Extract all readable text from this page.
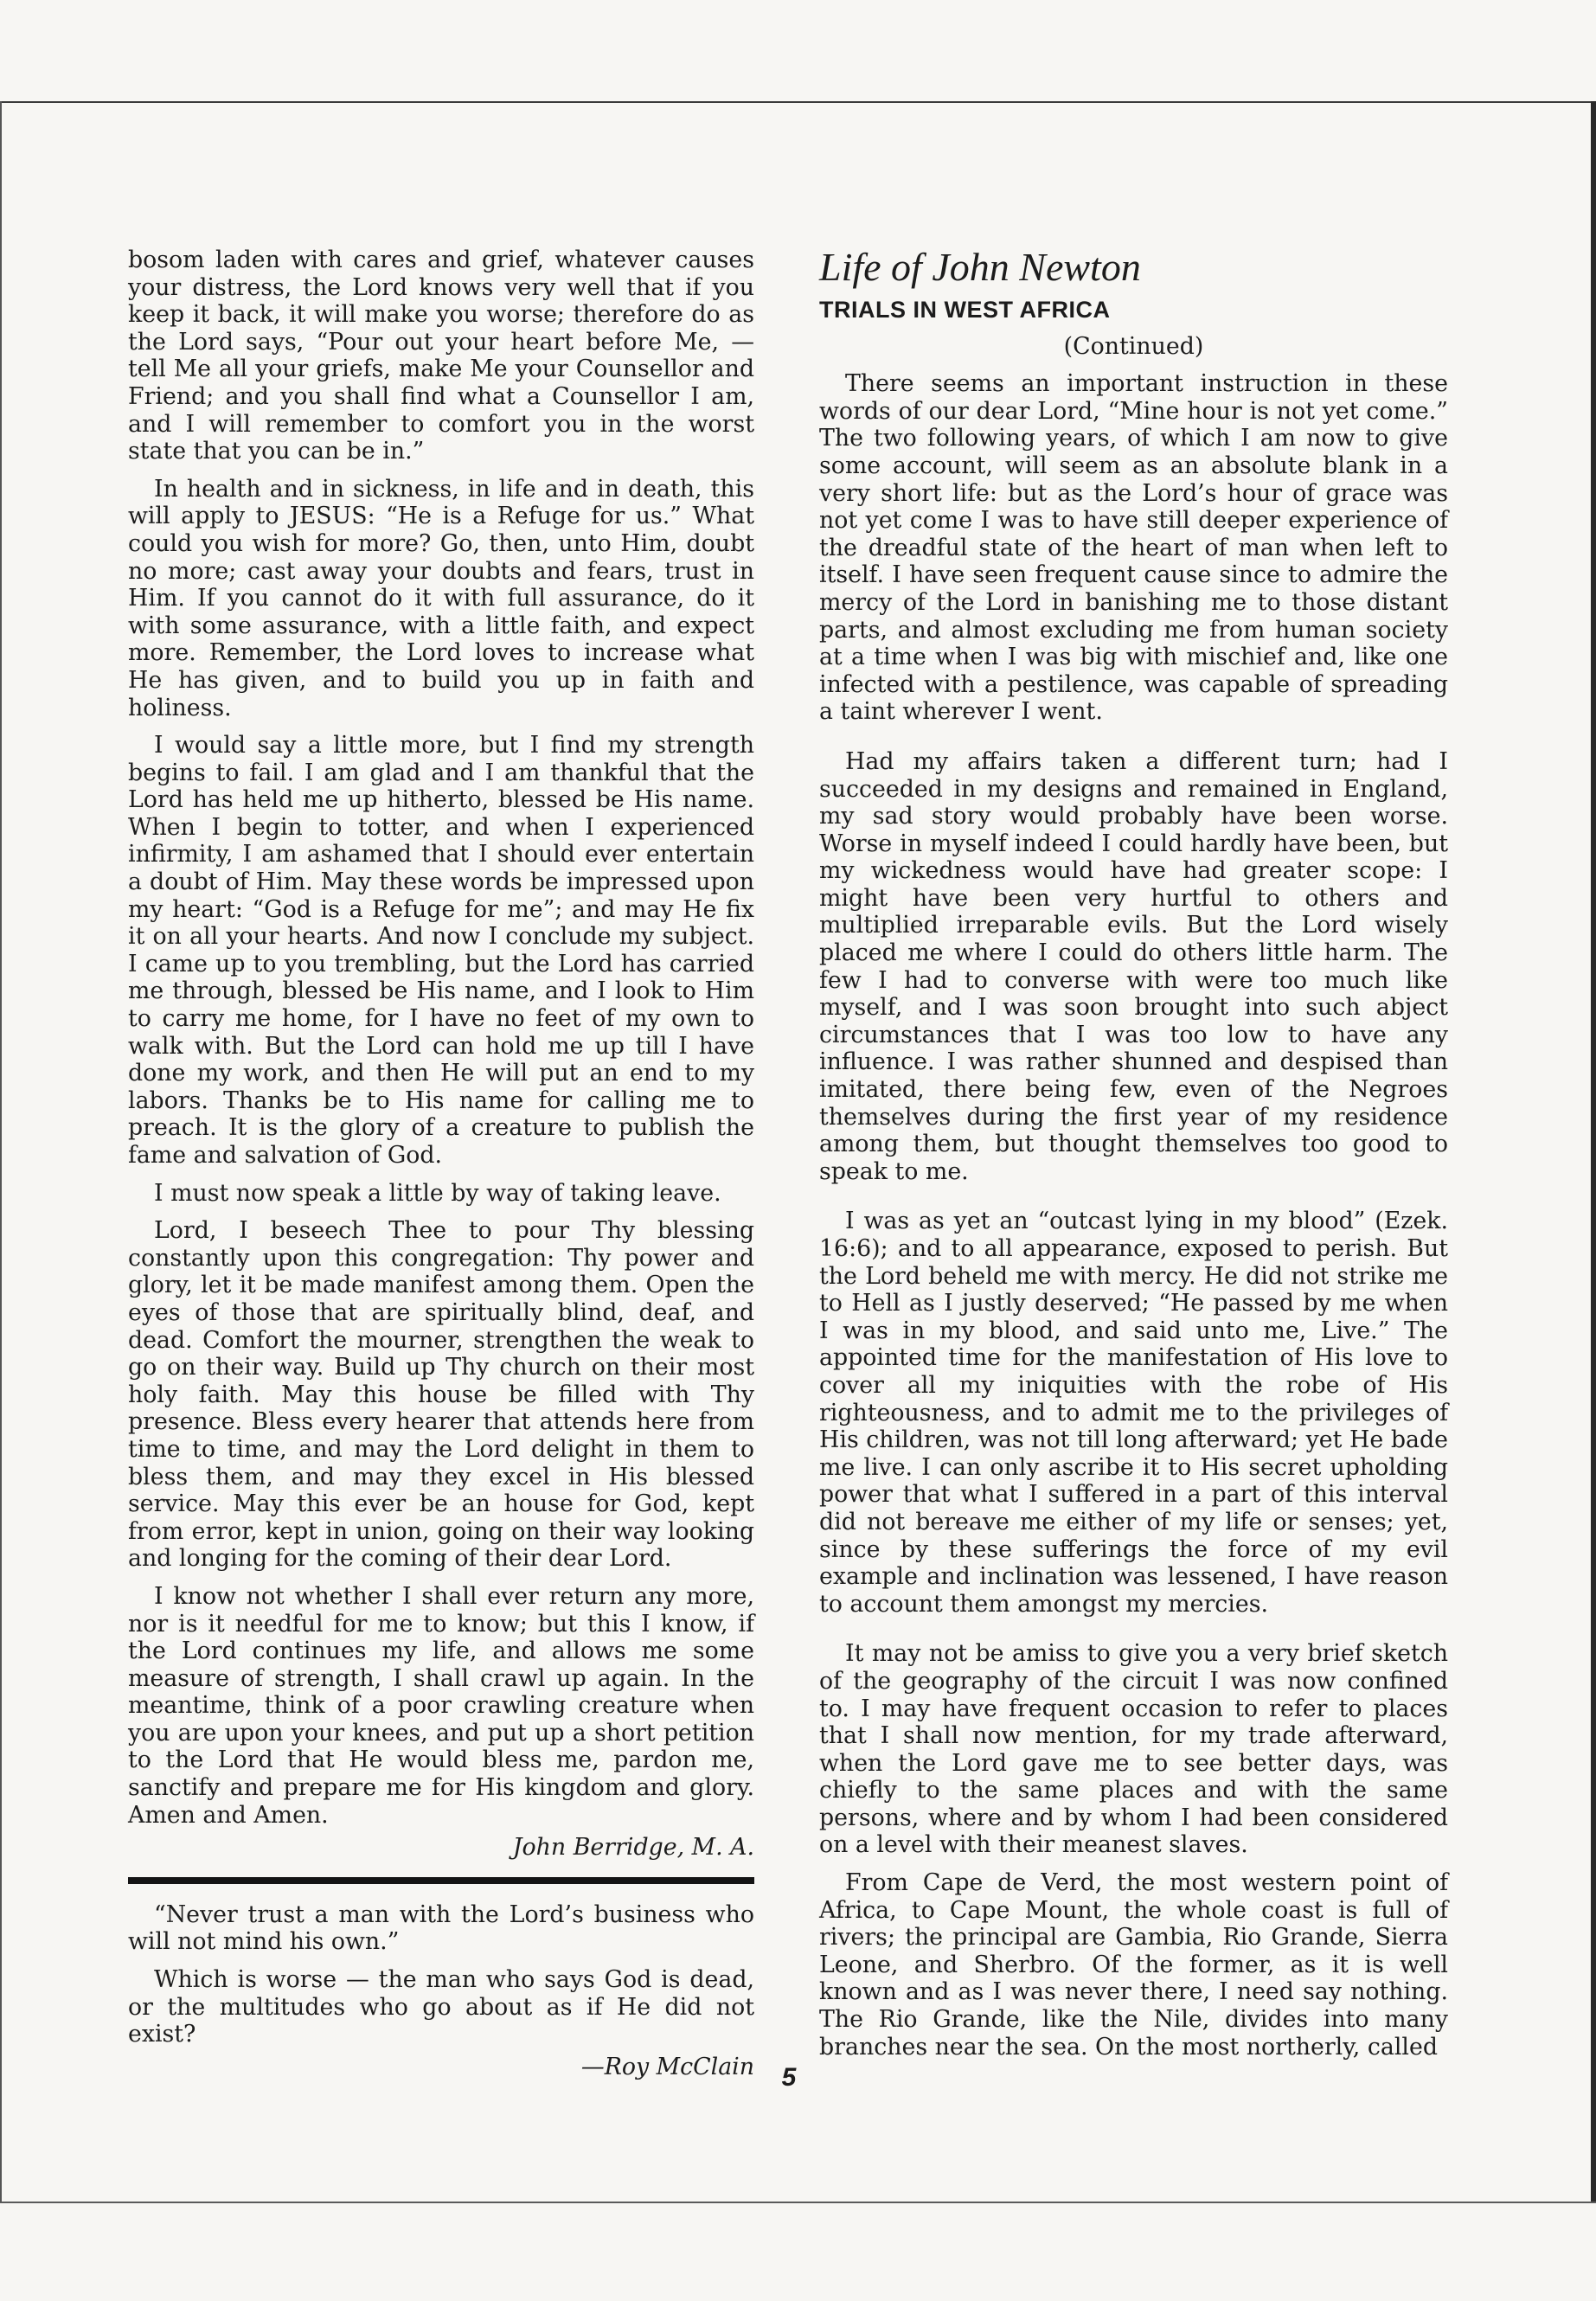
bosom laden with cares and grief, whatever causes your distress, the Lord knows very well that if you keep it back, it will make you worse; therefore do as the Lord says, “Pour out your heart before Me, — tell Me all your griefs, make Me your Counsellor and Friend; and you shall find what a Counsellor I am, and I will remember to comfort you in the worst state that you can be in.”

In health and in sickness, in life and in death, this will apply to JESUS: “He is a Refuge for us.” What could you wish for more? Go, then, unto Him, doubt no more; cast away your doubts and fears, trust in Him. If you cannot do it with full assurance, do it with some assurance, with a little faith, and expect more. Remember, the Lord loves to increase what He has given, and to build you up in faith and holiness.

I would say a little more, but I find my strength begins to fail. I am glad and I am thankful that the Lord has held me up hitherto, blessed be His name. When I begin to totter, and when I experienced infirmity, I am ashamed that I should ever entertain a doubt of Him. May these words be impressed upon my heart: “God is a Refuge for me”; and may He fix it on all your hearts. And now I conclude my subject. I came up to you trembling, but the Lord has carried me through, blessed be His name, and I look to Him to carry me home, for I have no feet of my own to walk with. But the Lord can hold me up till I have done my work, and then He will put an end to my labors. Thanks be to His name for calling me to preach. It is the glory of a creature to publish the fame and salvation of God.

I must now speak a little by way of taking leave.

Lord, I beseech Thee to pour Thy blessing constantly upon this congregation: Thy power and glory, let it be made manifest among them. Open the eyes of those that are spiritually blind, deaf, and dead. Comfort the mourner, strengthen the weak to go on their way. Build up Thy church on their most holy faith. May this house be filled with Thy presence. Bless every hearer that attends here from time to time, and may the Lord delight in them to bless them, and may they excel in His blessed service. May this ever be an house for God, kept from error, kept in union, going on their way looking and longing for the coming of their dear Lord.

I know not whether I shall ever return any more, nor is it needful for me to know; but this I know, if the Lord continues my life, and allows me some measure of strength, I shall crawl up again. In the meantime, think of a poor crawling creature when you are upon your knees, and put up a short petition to the Lord that He would bless me, pardon me, sanctify and prepare me for His kingdom and glory. Amen and Amen.

John Berridge, M. A.

“Never trust a man with the Lord’s business who will not mind his own.”

Which is worse — the man who says God is dead, or the multitudes who go about as if He did not exist?

—Roy McClain
Life of John Newton
TRIALS IN WEST AFRICA
(Continued)

There seems an important instruction in these words of our dear Lord, “Mine hour is not yet come.” The two following years, of which I am now to give some account, will seem as an absolute blank in a very short life: but as the Lord’s hour of grace was not yet come I was to have still deeper experience of the dreadful state of the heart of man when left to itself. I have seen frequent cause since to admire the mercy of the Lord in banishing me to those distant parts, and almost excluding me from human society at a time when I was big with mischief and, like one infected with a pestilence, was capable of spreading a taint wherever I went.

Had my affairs taken a different turn; had I succeeded in my designs and remained in England, my sad story would probably have been worse. Worse in myself indeed I could hardly have been, but my wickedness would have had greater scope: I might have been very hurtful to others and multiplied irreparable evils. But the Lord wisely placed me where I could do others little harm. The few I had to converse with were too much like myself, and I was soon brought into such abject circumstances that I was too low to have any influence. I was rather shunned and despised than imitated, there being few, even of the Negroes themselves during the first year of my residence among them, but thought themselves too good to speak to me.

I was as yet an “outcast lying in my blood” (Ezek. 16:6); and to all appearance, exposed to perish. But the Lord beheld me with mercy. He did not strike me to Hell as I justly deserved; “He passed by me when I was in my blood, and said unto me, Live.” The appointed time for the manifestation of His love to cover all my iniquities with the robe of His righteousness, and to admit me to the privileges of His children, was not till long afterward; yet He bade me live. I can only ascribe it to His secret upholding power that what I suffered in a part of this interval did not bereave me either of my life or senses; yet, since by these sufferings the force of my evil example and inclination was lessened, I have reason to account them amongst my mercies.

It may not be amiss to give you a very brief sketch of the geography of the circuit I was now confined to. I may have frequent occasion to refer to places that I shall now mention, for my trade afterward, when the Lord gave me to see better days, was chiefly to the same places and with the same persons, where and by whom I had been considered on a level with their meanest slaves.

From Cape de Verd, the most western point of Africa, to Cape Mount, the whole coast is full of rivers; the principal are Gambia, Rio Grande, Sierra Leone, and Sherbro. Of the former, as it is well known and as I was never there, I need say nothing. The Rio Grande, like the Nile, divides into many branches near the sea. On the most northerly, called

5
